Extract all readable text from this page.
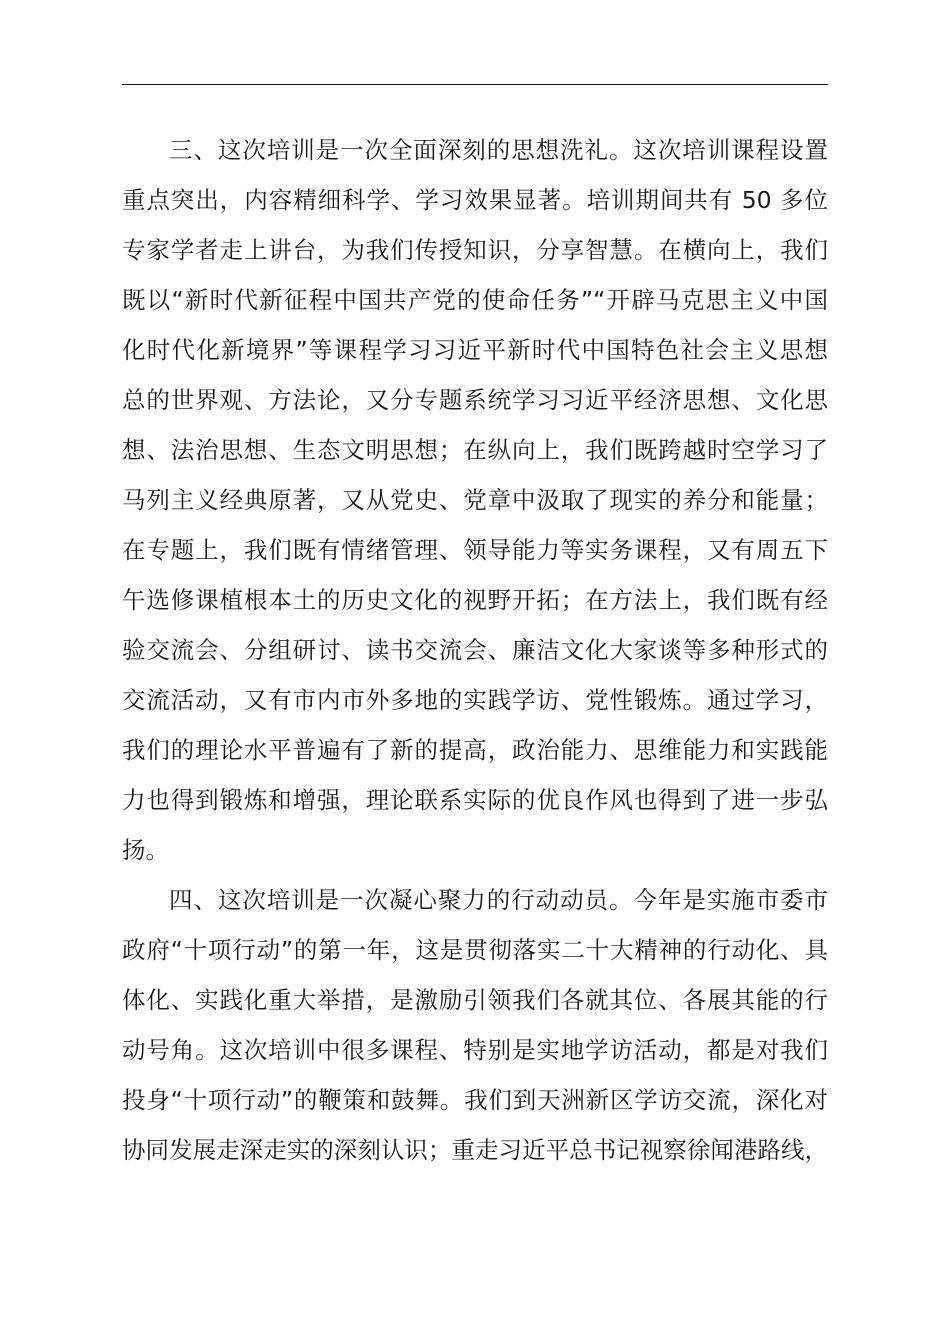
三、这次培训是一次全面深刻的思想洗礼。这次培训课程设置
重点突出，内容精细科学、学习效果显著。培训期间共有 50 多位
专家学者走上讲台，为我们传授知识，分享智慧。在横向上，我们
既以“新时代新征程中国共产党的使命任务”“开辟马克思主义中国
化时代化新境界”等课程学习习近平新时代中国特色社会主义思想
总的世界观、方法论，又分专题系统学习习近平经济思想、文化思
想、法治思想、生态文明思想；在纵向上，我们既跨越时空学习了
马列主义经典原著，又从党史、党章中汲取了现实的养分和能量；
在专题上，我们既有情绪管理、领导能力等实务课程，又有周五下
午选修课植根本土的历史文化的视野开拓；在方法上，我们既有经
验交流会、分组研讨、读书交流会、廉洁文化大家谈等多种形式的
交流活动，又有市内市外多地的实践学访、党性锻炼。通过学习，
我们的理论水平普遍有了新的提高，政治能力、思维能力和实践能
力也得到锻炼和增强，理论联系实际的优良作风也得到了进一步弘
扬。
四、这次培训是一次凝心聚力的行动动员。今年是实施市委市
政府“十项行动”的第一年，这是贯彻落实二十大精神的行动化、具
体化、实践化重大举措，是激励引领我们各就其位、各展其能的行
动号角。这次培训中很多课程、特别是实地学访活动，都是对我们
投身“十项行动”的鞭策和鼓舞。我们到天洲新区学访交流，深化对
协同发展走深走实的深刻认识；重走习近平总书记视察徐闻港路线，
